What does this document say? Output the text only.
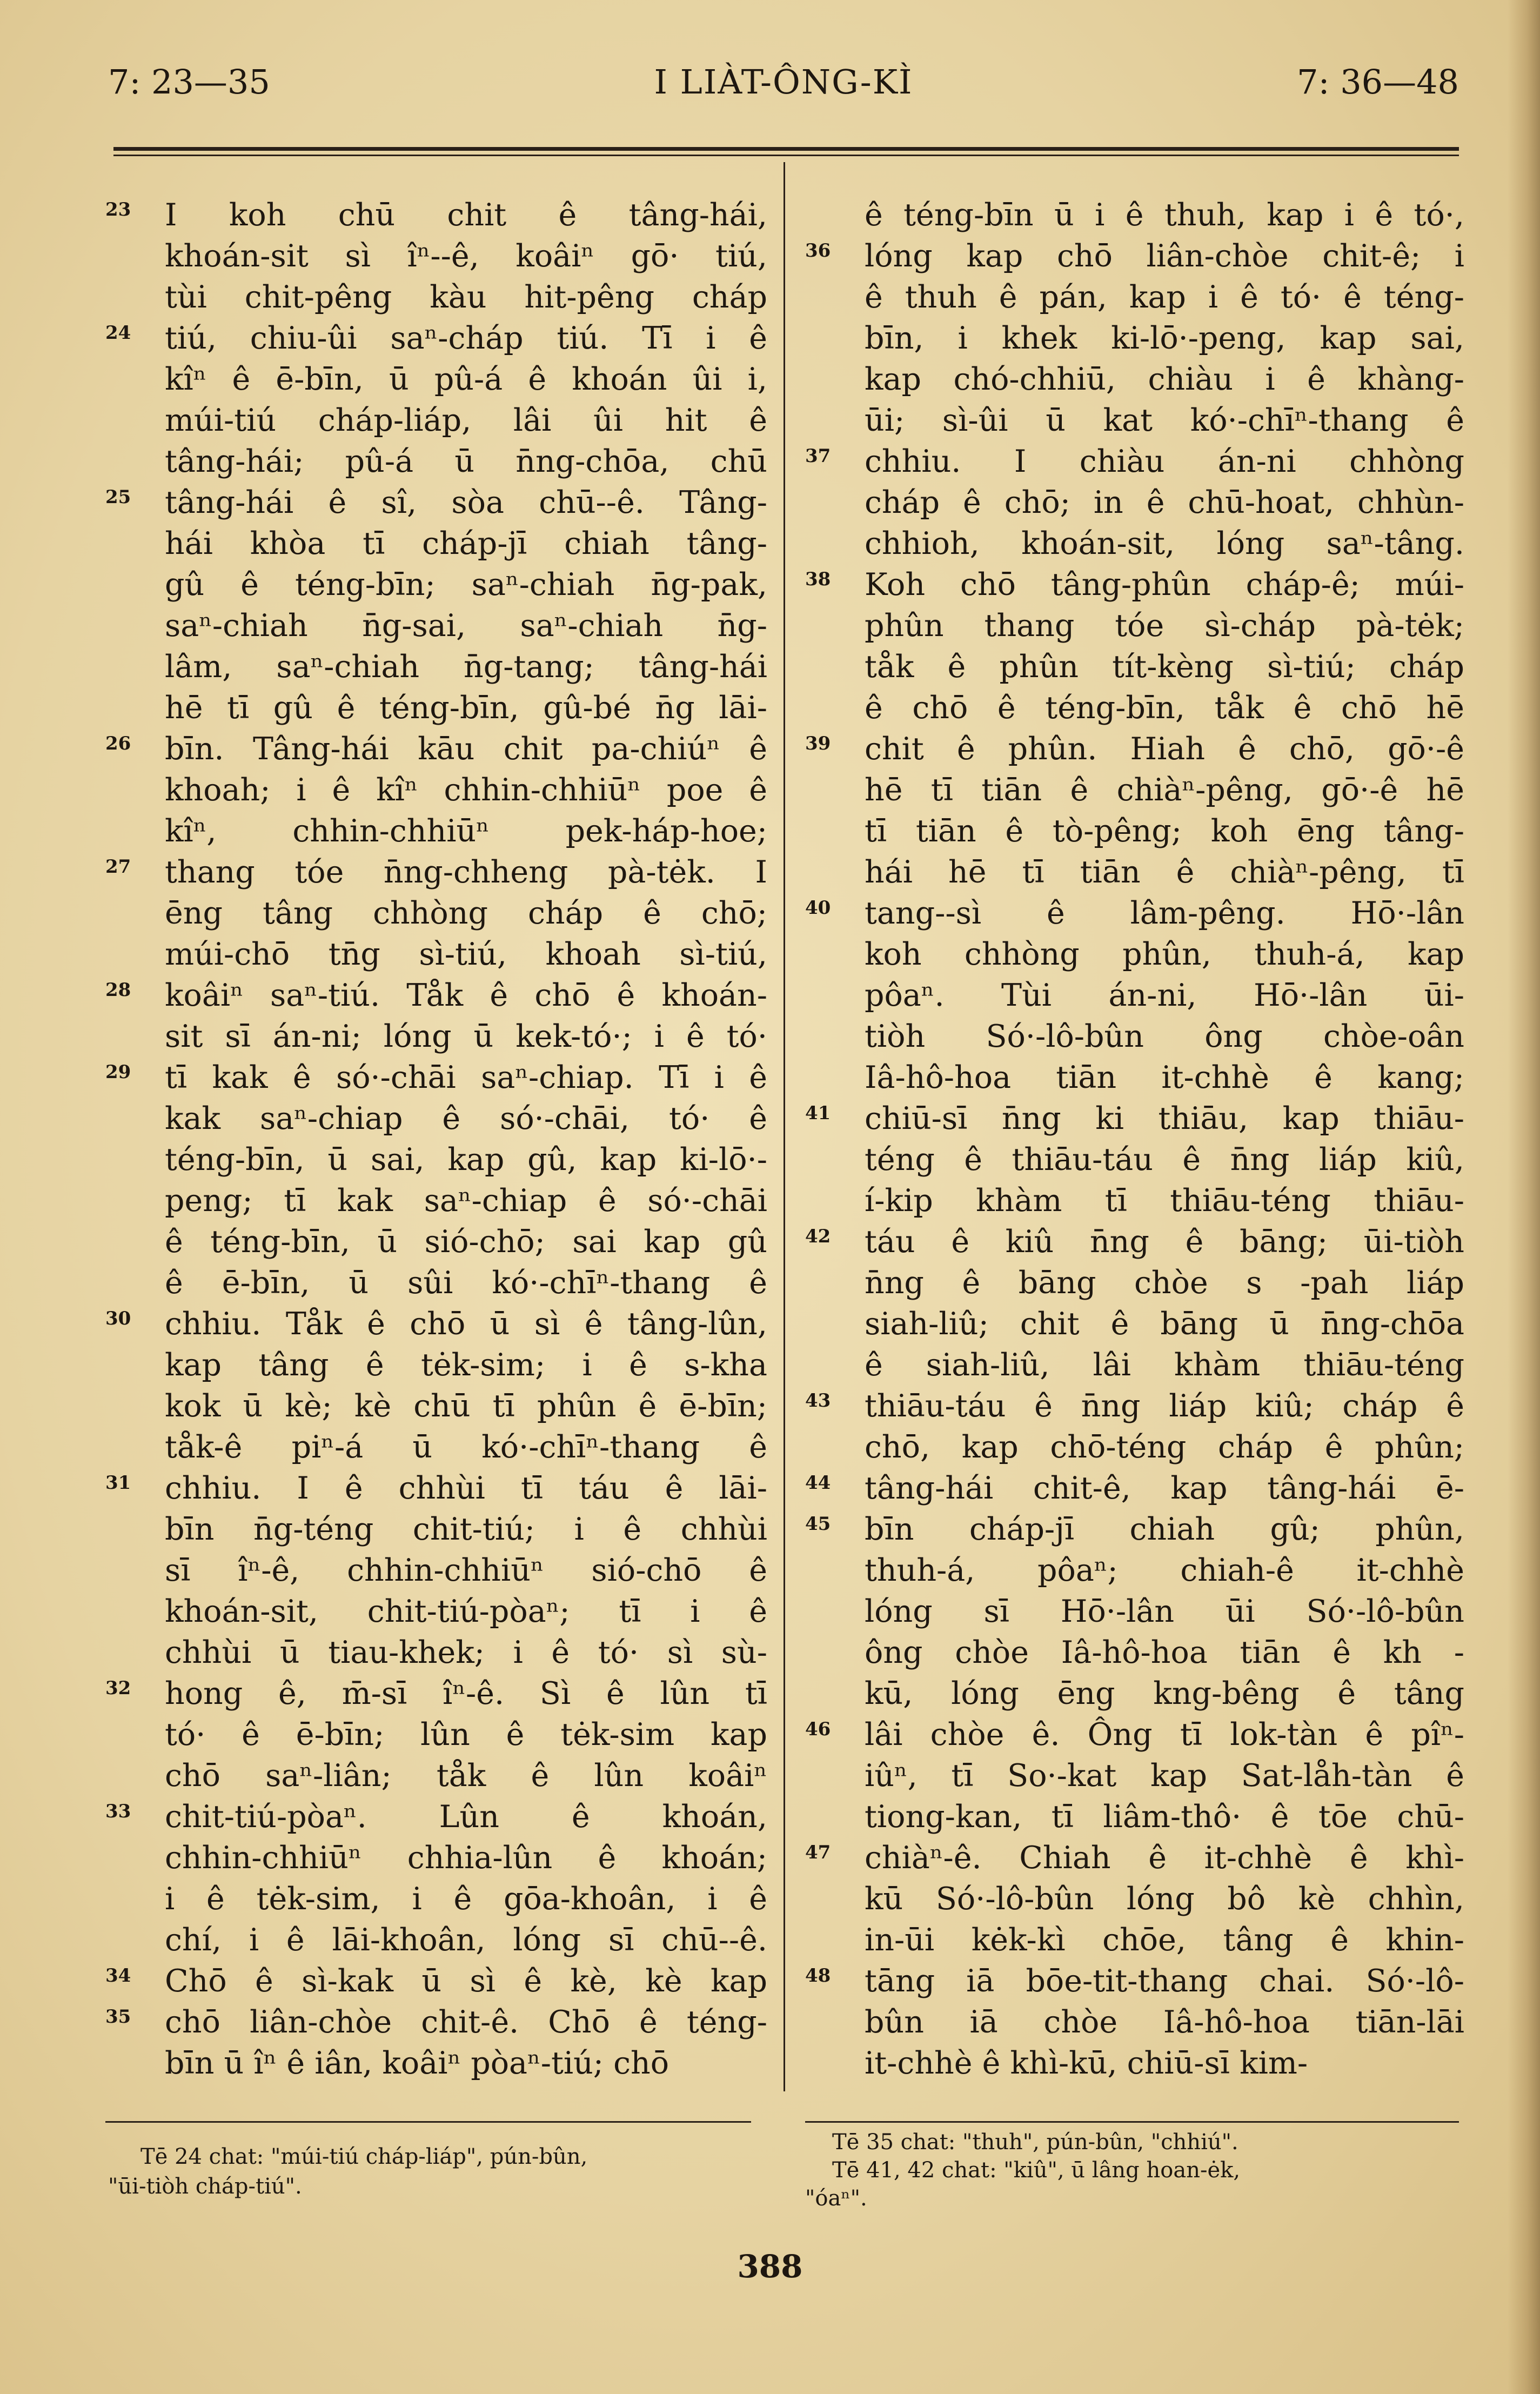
7: 23—35	I LIÀT-ÔNG-KÌ	7: 36—48
23 I koh chū chit ê tâng-hái,
khoán-sit sì îⁿ--ê, koâiⁿ gō· tiú,
tùi chit-pêng kàu hit-pêng cháp
24 tiú, chiu-ûi saⁿ-cháp tiú. Tī i ê
kîⁿ ê ē-bīn, ū pû-á ê khoán ûi i,
múi-tiú cháp-liáp, lâi ûi hit ê
tâng-hái; pû-á ū n̄ng-chōa, chū
25 tâng-hái ê sî, sòa chū--ê. Tâng-
hái khòa tī cháp-jī chiah tâng-
gû ê téng-bīn; saⁿ-chiah n̄g-pak,
saⁿ-chiah n̄g-sai, saⁿ-chiah n̄g-
lâm, saⁿ-chiah n̄g-tang; tâng-hái
hē tī gû ê téng-bīn, gû-bé n̄g lāi-
26 bīn. Tâng-hái kāu chit pa-chiúⁿ ê
khoah; i ê kîⁿ chhin-chhiūⁿ poe ê
kîⁿ, chhin-chhiūⁿ pek-háp-hoe;
27 thang tóe n̄ng-chheng pà-tėk. I
ēng tâng chhòng cháp ê chō;
múi-chō tn̄g sì-tiú, khoah sì-tiú,
28 koâiⁿ saⁿ-tiú. Tåk ê chō ê khoán-
sit sī án-ni; lóng ū kek-tó·; i ê tó·
29 tī kak ê só·-chāi saⁿ-chiap. Tī i ê
kak saⁿ-chiap ê só·-chāi, tó· ê
téng-bīn, ū sai, kap gû, kap ki-lō·-
peng; tī kak saⁿ-chiap ê só·-chāi
ê téng-bīn, ū sió-chō; sai kap gû
ê ē-bīn, ū sûi kó·-chīⁿ-thang ê
30 chhiu. Tåk ê chō ū sì ê tâng-lûn,
kap tâng ê tėk-sim; i ê s-kha
kok ū kè; kè chū tī phûn ê ē-bīn;
tåk-ê piⁿ-á ū kó·-chīⁿ-thang ê
31 chhiu. I ê chhùi tī táu ê lāi-
bīn n̄g-téng chit-tiú; i ê chhùi
sī îⁿ-ê, chhin-chhiūⁿ sió-chō ê
khoán-sit, chit-tiú-pòaⁿ; tī i ê
chhùi ū tiau-khek; i ê tó· sì sù-
32 hong ê, m̄-sī îⁿ-ê. Sì ê lûn tī
tó· ê ē-bīn; lûn ê tėk-sim kap
chō saⁿ-liân; tåk ê lûn koâiⁿ
33 chit-tiú-pòaⁿ. Lûn ê khoán,
chhin-chhiūⁿ chhia-lûn ê khoán;
i ê tėk-sim, i ê gōa-khoân, i ê
chí, i ê lāi-khoân, lóng sī chū--ê.
34 Chō ê sì-kak ū sì ê kè, kè kap
35 chō liân-chòe chit-ê. Chō ê téng-
bīn ū îⁿ ê iân, koâiⁿ pòaⁿ-tiú; chō
ê téng-bīn ū i ê thuh, kap i ê tó·,
36 lóng kap chō liân-chòe chit-ê; i
ê thuh ê pán, kap i ê tó· ê téng-
bīn, i khek ki-lō·-peng, kap sai,
kap chó-chhiū, chiàu i ê khàng-
ūi; sì-ûi ū kat kó·-chīⁿ-thang ê
37 chhiu. I chiàu án-ni chhòng
cháp ê chō; in ê chū-hoat, chhùn-
chhioh, khoán-sit, lóng saⁿ-tâng.
38 Koh chō tâng-phûn cháp-ê; múi-
phûn thang tóe sì-cháp pà-tėk;
tåk ê phûn tít-kèng sì-tiú; cháp
ê chō ê téng-bīn, tåk ê chō hē
39 chit ê phûn. Hiah ê chō, gō·-ê
hē tī tiān ê chiàⁿ-pêng, gō·-ê hē
tī tiān ê tò-pêng; koh ēng tâng-
hái hē tī tiān ê chiàⁿ-pêng, tī
40 tang--sì ê lâm-pêng. Hō·-lân
koh chhòng phûn, thuh-á, kap
pôaⁿ. Tùi án-ni, Hō·-lân ūi-
tiòh Só·-lô-bûn ông chòe-oân
Iâ-hô-hoa tiān it-chhè ê kang;
41 chiū-sī n̄ng ki thiāu, kap thiāu-
téng ê thiāu-táu ê n̄ng liáp kiû,
í-kip khàm tī thiāu-téng thiāu-
42 táu ê kiû n̄ng ê bāng; ūi-tiòh
n̄ng ê bāng chòe s -pah liáp
siah-liû; chit ê bāng ū n̄ng-chōa
ê siah-liû, lâi khàm thiāu-téng
43 thiāu-táu ê n̄ng liáp kiû; cháp ê
chō, kap chō-téng cháp ê phûn;
44 tâng-hái chit-ê, kap tâng-hái ē-
45 bīn cháp-jī chiah gû; phûn,
thuh-á, pôaⁿ; chiah-ê it-chhè
lóng sī Hō·-lân ūi Só·-lô-bûn
ông chòe Iâ-hô-hoa tiān ê kh -
kū, lóng ēng kng-bêng ê tâng
46 lâi chòe ê. Ông tī lok-tàn ê pîⁿ-
iûⁿ, tī So·-kat kap Sat-låh-tàn ê
tiong-kan, tī liâm-thô· ê tōe chū-
47 chiàⁿ-ê. Chiah ê it-chhè ê khì-
kū Só·-lô-bûn lóng bô kè chhìn,
in-ūi kėk-kì chōe, tâng ê khin-
48 tāng iā bōe-tit-thang chai. Só·-lô-
bûn iā chòe Iâ-hô-hoa tiān-lāi
it-chhè ê khì-kū, chiū-sī kim-
Tē 24 chat: "múi-tiú cháp-liáp", pún-bûn,
"ūi-tiòh cháp-tiú".
Tē 35 chat: "thuh", pún-bûn, "chhiú".
Tē 41, 42 chat: "kiû", ū lâng hoan-ėk,
"óaⁿ".
388
